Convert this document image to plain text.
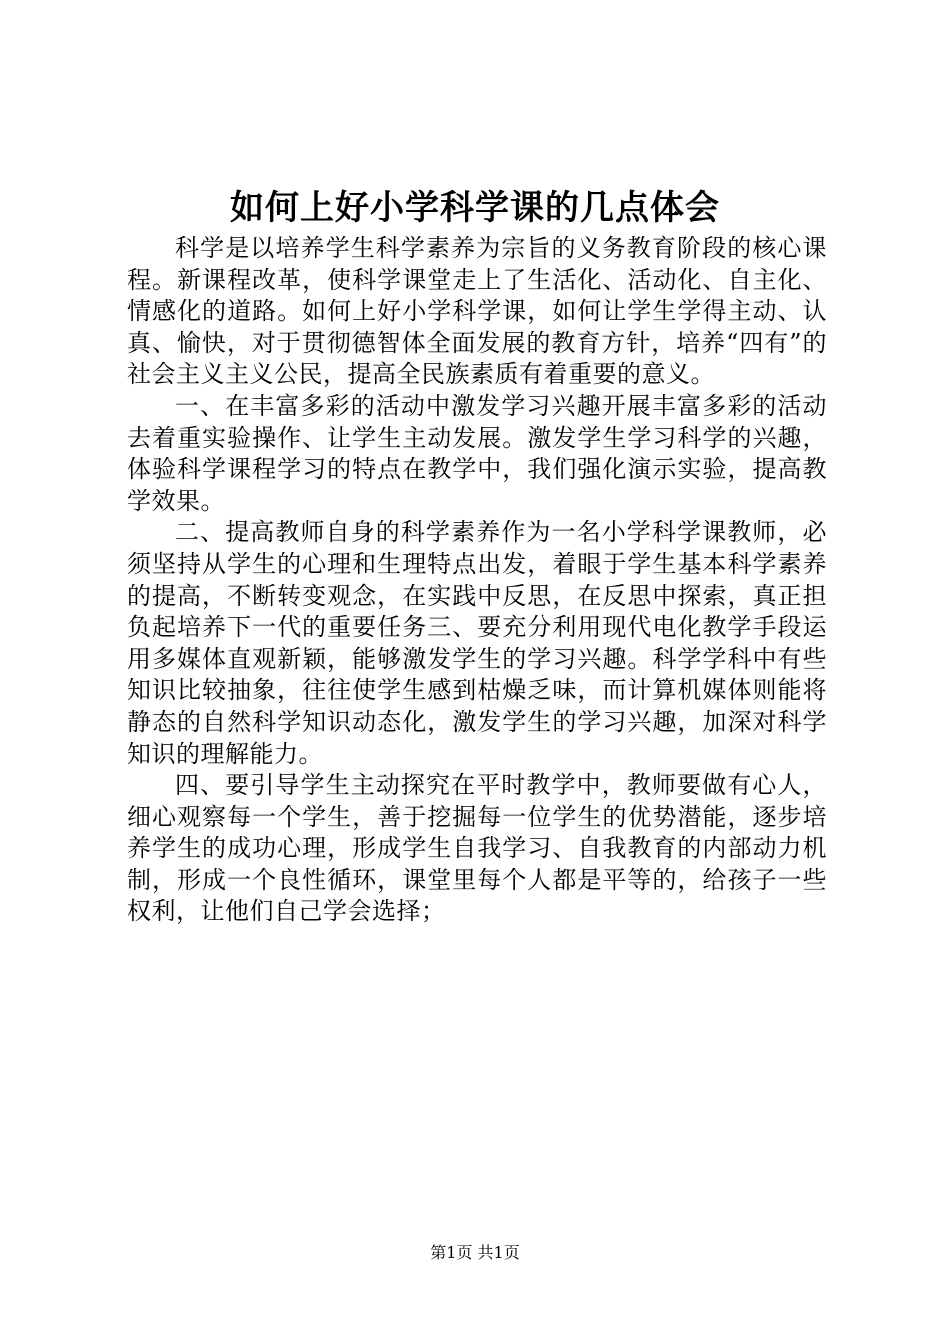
如何上好小学科学课的几点体会

科学是以培养学生科学素养为宗旨的义务教育阶段的核心课程。新课程改革，使科学课堂走上了生活化、活动化、自主化、情感化的道路。如何上好小学科学课，如何让学生学得主动、认真、愉快，对于贯彻德智体全面发展的教育方针，培养“四有”的社会主义主义公民，提高全民族素质有着重要的意义。

一、在丰富多彩的活动中激发学习兴趣开展丰富多彩的活动去着重实验操作、让学生主动发展。激发学生学习科学的兴趣，体验科学课程学习的特点在教学中，我们强化演示实验，提高教学效果。

二、提高教师自身的科学素养作为一名小学科学课教师，必须坚持从学生的心理和生理特点出发，着眼于学生基本科学素养的提高，不断转变观念，在实践中反思，在反思中探索，真正担负起培养下一代的重要任务三、要充分利用现代电化教学手段运用多媒体直观新颖，能够激发学生的学习兴趣。科学学科中有些知识比较抽象，往往使学生感到枯燥乏味，而计算机媒体则能将静态的自然科学知识动态化，激发学生的学习兴趣，加深对科学知识的理解能力。

四、要引导学生主动探究在平时教学中，教师要做有心人，细心观察每一个学生，善于挖掘每一位学生的优势潜能，逐步培养学生的成功心理，形成学生自我学习、自我教育的内部动力机制，形成一个良性循环，课堂里每个人都是平等的，给孩子一些权利，让他们自己学会选择；

第1页 共1页
